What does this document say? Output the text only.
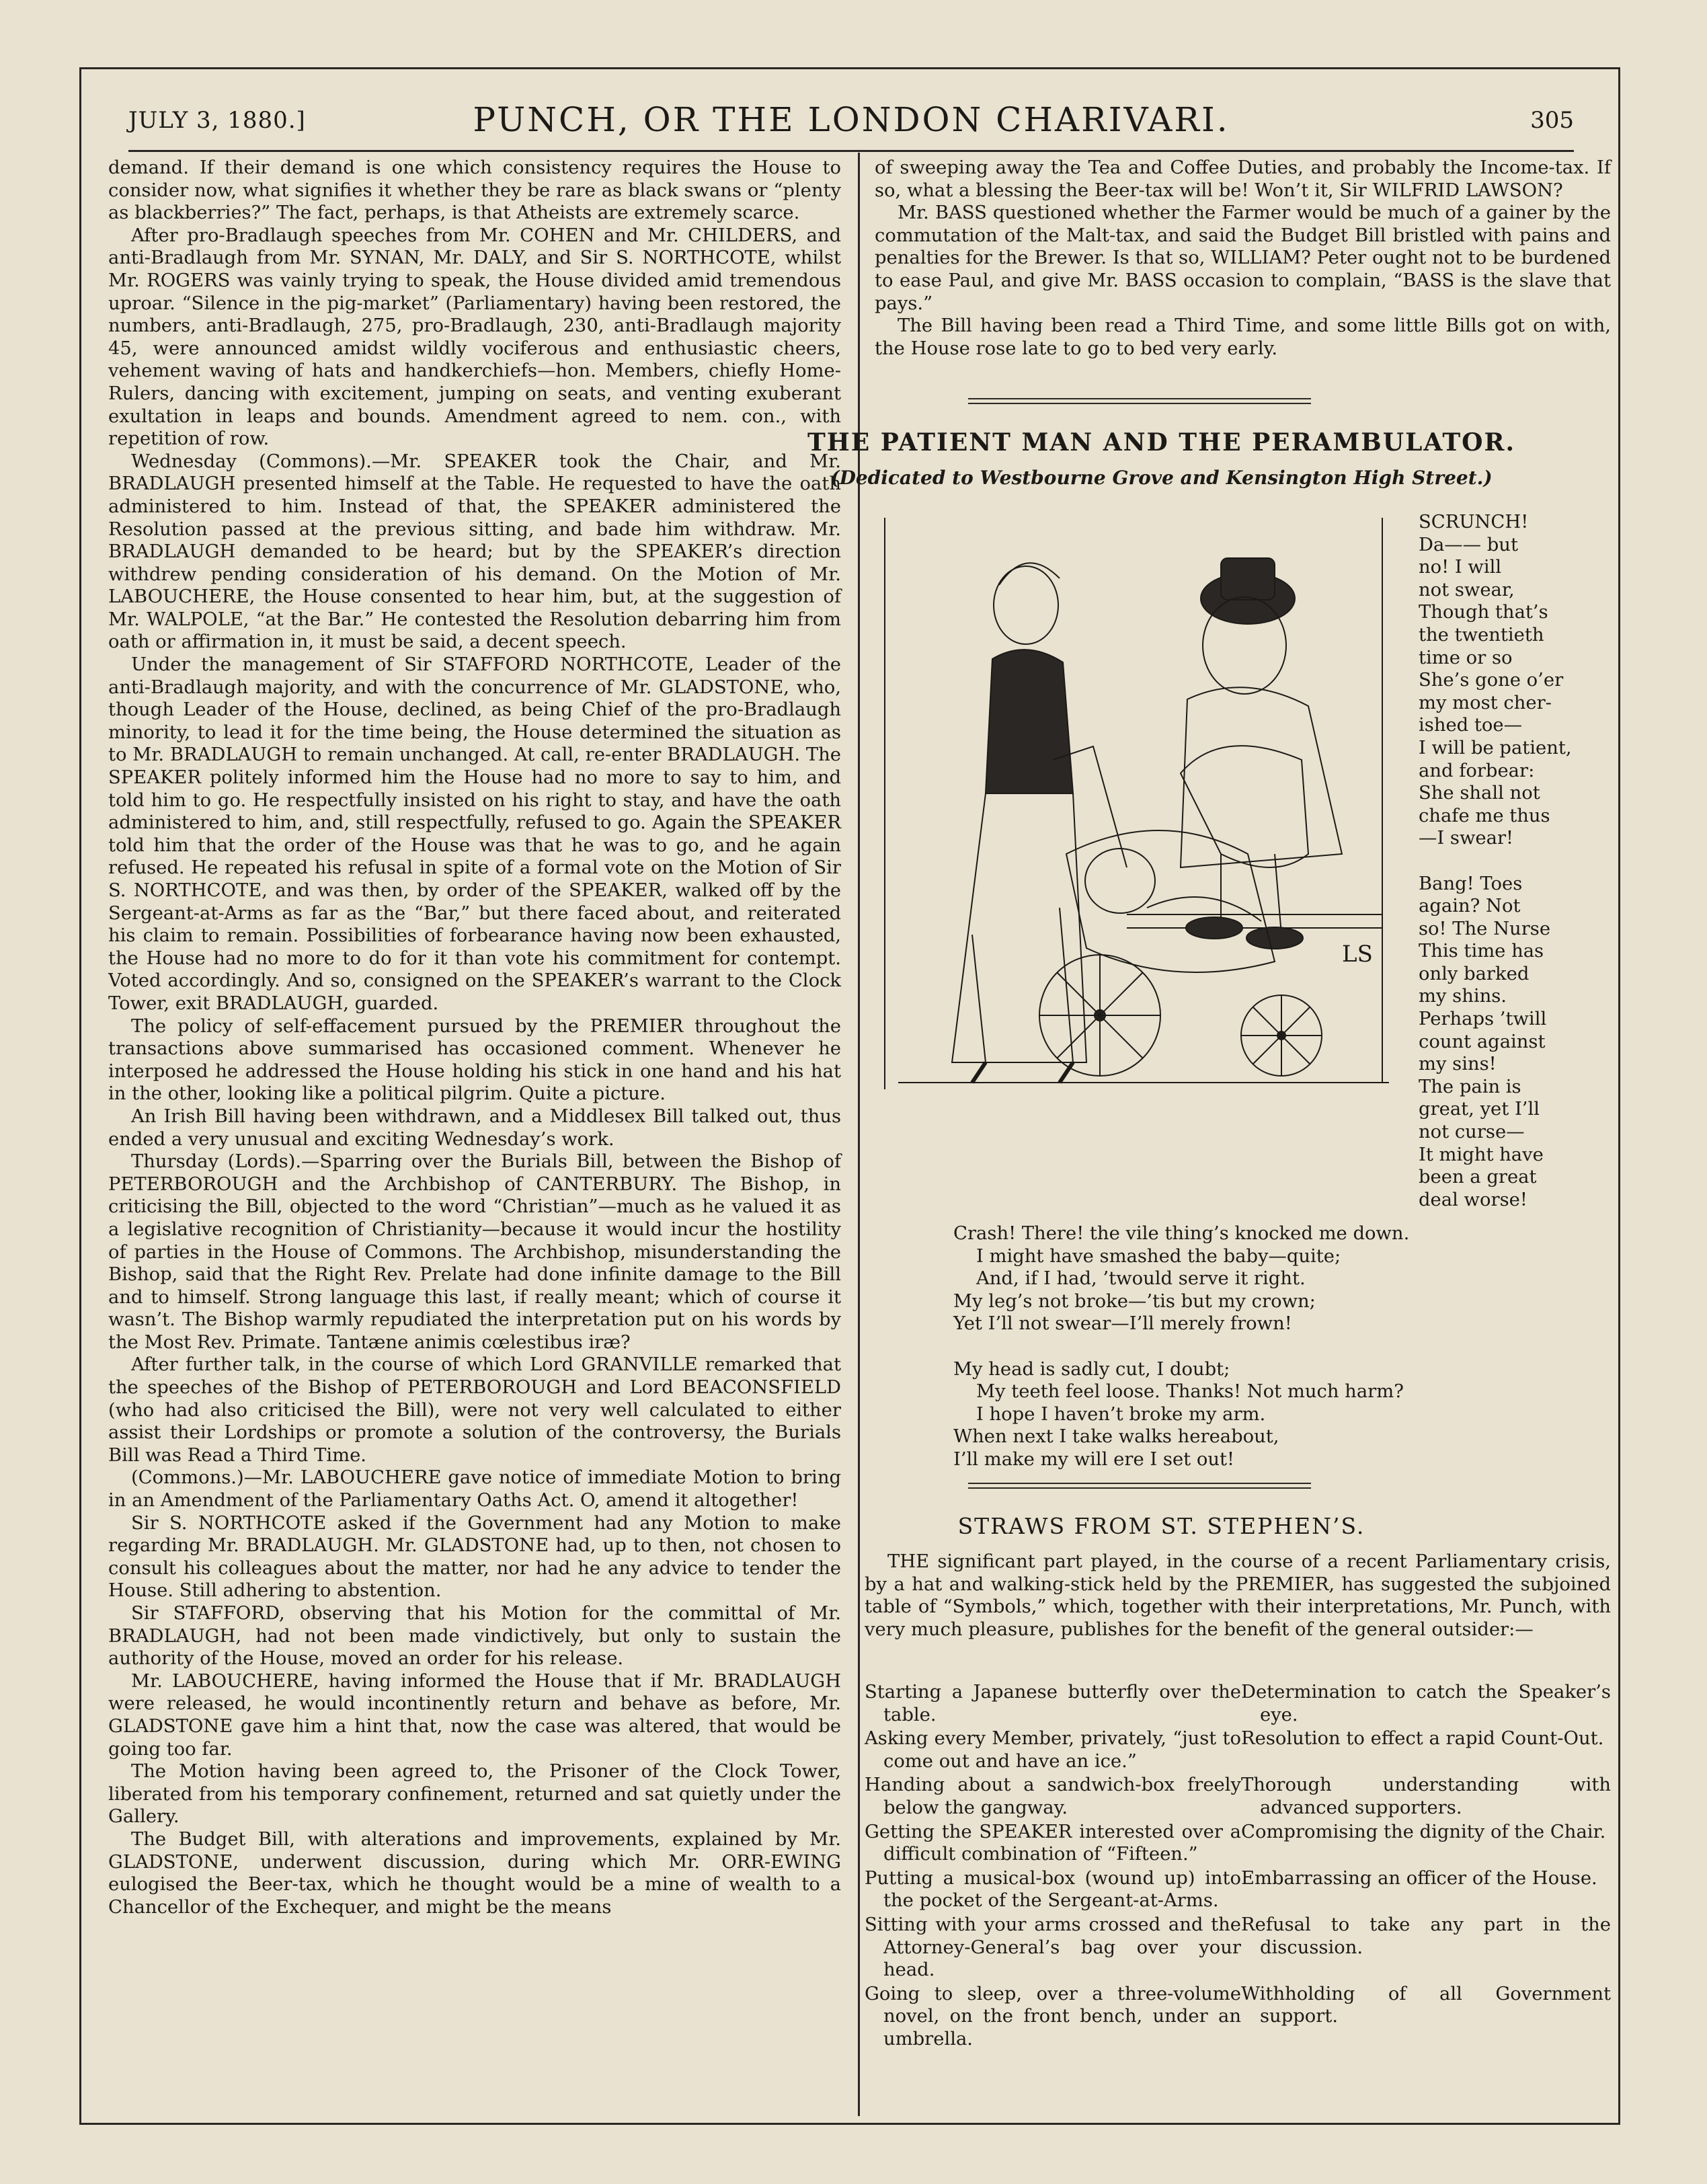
JULY 3, 1880.]	PUNCH, OR THE LONDON CHARIVARI.	305

demand. If their demand is one which consistency requires the House to consider now, what signifies it whether they be rare as black swans or “plenty as blackberries?” The fact, perhaps, is that Atheists are extremely scarce.

After pro-Bradlaugh speeches from Mr. COHEN and Mr. CHILDERS, and anti-Bradlaugh from Mr. SYNAN, Mr. DALY, and Sir S. NORTHCOTE, whilst Mr. ROGERS was vainly trying to speak, the House divided amid tremendous uproar. “Silence in the pig-market” (Parliamentary) having been restored, the numbers, anti-Bradlaugh, 275, pro-Bradlaugh, 230, anti-Bradlaugh majority 45, were announced amidst wildly vociferous and enthusiastic cheers, vehement waving of hats and handkerchiefs—hon. Members, chiefly Home-Rulers, dancing with excitement, jumping on seats, and venting exuberant exultation in leaps and bounds. Amendment agreed to nem. con., with repetition of row.

Wednesday (Commons).—Mr. SPEAKER took the Chair, and Mr. BRADLAUGH presented himself at the Table. He requested to have the oath administered to him. Instead of that, the SPEAKER administered the Resolution passed at the previous sitting, and bade him withdraw. Mr. BRADLAUGH demanded to be heard; but by the SPEAKER’s direction withdrew pending consideration of his demand. On the Motion of Mr. LABOUCHERE, the House consented to hear him, but, at the suggestion of Mr. WALPOLE, “at the Bar.” He contested the Resolution debarring him from oath or affirmation in, it must be said, a decent speech.

Under the management of Sir STAFFORD NORTHCOTE, Leader of the anti-Bradlaugh majority, and with the concurrence of Mr. GLADSTONE, who, though Leader of the House, declined, as being Chief of the pro-Bradlaugh minority, to lead it for the time being, the House determined the situation as to Mr. BRADLAUGH to remain unchanged. At call, re-enter BRADLAUGH. The SPEAKER politely informed him the House had no more to say to him, and told him to go. He respectfully insisted on his right to stay, and have the oath administered to him, and, still respectfully, refused to go. Again the SPEAKER told him that the order of the House was that he was to go, and he again refused. He repeated his refusal in spite of a formal vote on the Motion of Sir S. NORTHCOTE, and was then, by order of the SPEAKER, walked off by the Sergeant-at-Arms as far as the “Bar,” but there faced about, and reiterated his claim to remain. Possibilities of forbearance having now been exhausted, the House had no more to do for it than vote his commitment for contempt. Voted accordingly. And so, consigned on the SPEAKER’s warrant to the Clock Tower, exit BRADLAUGH, guarded.

The policy of self-effacement pursued by the PREMIER throughout the transactions above summarised has occasioned comment. Whenever he interposed he addressed the House holding his stick in one hand and his hat in the other, looking like a political pilgrim. Quite a picture.

An Irish Bill having been withdrawn, and a Middlesex Bill talked out, thus ended a very unusual and exciting Wednesday’s work.

Thursday (Lords).—Sparring over the Burials Bill, between the Bishop of PETERBOROUGH and the Archbishop of CANTERBURY. The Bishop, in criticising the Bill, objected to the word “Christian”—much as he valued it as a legislative recognition of Christianity—because it would incur the hostility of parties in the House of Commons. The Archbishop, misunderstanding the Bishop, said that the Right Rev. Prelate had done infinite damage to the Bill and to himself. Strong language this last, if really meant; which of course it wasn’t. The Bishop warmly repudiated the interpretation put on his words by the Most Rev. Primate. Tantæne animis cœlestibus iræ?

After further talk, in the course of which Lord GRANVILLE remarked that the speeches of the Bishop of PETERBOROUGH and Lord BEACONSFIELD (who had also criticised the Bill), were not very well calculated to either assist their Lordships or promote a solution of the controversy, the Burials Bill was Read a Third Time.

(Commons.)—Mr. LABOUCHERE gave notice of immediate Motion to bring in an Amendment of the Parliamentary Oaths Act. O, amend it altogether!

Sir S. NORTHCOTE asked if the Government had any Motion to make regarding Mr. BRADLAUGH. Mr. GLADSTONE had, up to then, not chosen to consult his colleagues about the matter, nor had he any advice to tender the House. Still adhering to abstention.

Sir STAFFORD, observing that his Motion for the committal of Mr. BRADLAUGH, had not been made vindictively, but only to sustain the authority of the House, moved an order for his release.

Mr. LABOUCHERE, having informed the House that if Mr. BRADLAUGH were released, he would incontinently return and behave as before, Mr. GLADSTONE gave him a hint that, now the case was altered, that would be going too far.

The Motion having been agreed to, the Prisoner of the Clock Tower, liberated from his temporary confinement, returned and sat quietly under the Gallery.

The Budget Bill, with alterations and improvements, explained by Mr. GLADSTONE, underwent discussion, during which Mr. ORR-EWING eulogised the Beer-tax, which he thought would be a mine of wealth to a Chancellor of the Exchequer, and might be the means

of sweeping away the Tea and Coffee Duties, and probably the Income-tax. If so, what a blessing the Beer-tax will be! Won’t it, Sir WILFRID LAWSON?

Mr. BASS questioned whether the Farmer would be much of a gainer by the commutation of the Malt-tax, and said the Budget Bill bristled with pains and penalties for the Brewer. Is that so, WILLIAM? Peter ought not to be burdened to ease Paul, and give Mr. BASS occasion to complain, “BASS is the slave that pays.”

The Bill having been read a Third Time, and some little Bills got on with, the House rose late to go to bed very early.

THE PATIENT MAN AND THE PERAMBULATOR.
(Dedicated to Westbourne Grove and Kensington High Street.)
LS
SCRUNCH!
Da—— but
no! I will
not swear,
Though that’s
the twentieth
time or so
She’s gone o’er
my most cher-
ished toe—
I will be patient,
and forbear:
She shall not
chafe me thus
—I swear!

Bang! Toes
again? Not
so! The Nurse
This time has
only barked
my shins.
Perhaps ’twill
count against
my sins!
The pain is
great, yet I’ll
not curse—
It might have
been a great
deal worse!
Crash! There! the vile thing’s knocked me down.
I might have smashed the baby—quite;
And, if I had, ’twould serve it right.
My leg’s not broke—’tis but my crown;
Yet I’ll not swear—I’ll merely frown!

My head is sadly cut, I doubt;
My teeth feel loose. Thanks! Not much harm?
I hope I haven’t broke my arm.
When next I take walks hereabout,
I’ll make my will ere I set out!
STRAWS FROM ST. STEPHEN’S.

THE significant part played, in the course of a recent Parliamentary crisis, by a hat and walking-stick held by the PREMIER, has suggested the subjoined table of “Symbols,” which, together with their interpretations, Mr. Punch, with very much pleasure, publishes for the benefit of the general outsider:—

Starting a Japanese butterfly over the table.
Determination to catch the Speaker’s eye.
Asking every Member, privately, “just to come out and have an ice.”
Resolution to effect a rapid Count-Out.
Handing about a sandwich-box freely below the gangway.
Thorough understanding with advanced supporters.
Getting the SPEAKER interested over a difficult combination of “Fifteen.”
Compromising the dignity of the Chair.
Putting a musical-box (wound up) into the pocket of the Sergeant-at-Arms.
Embarrassing an officer of the House.
Sitting with your arms crossed and the Attorney-General’s bag over your head.
Refusal to take any part in the discussion.
Going to sleep, over a three-volume novel, on the front bench, under an umbrella.
Withholding of all Government support.
